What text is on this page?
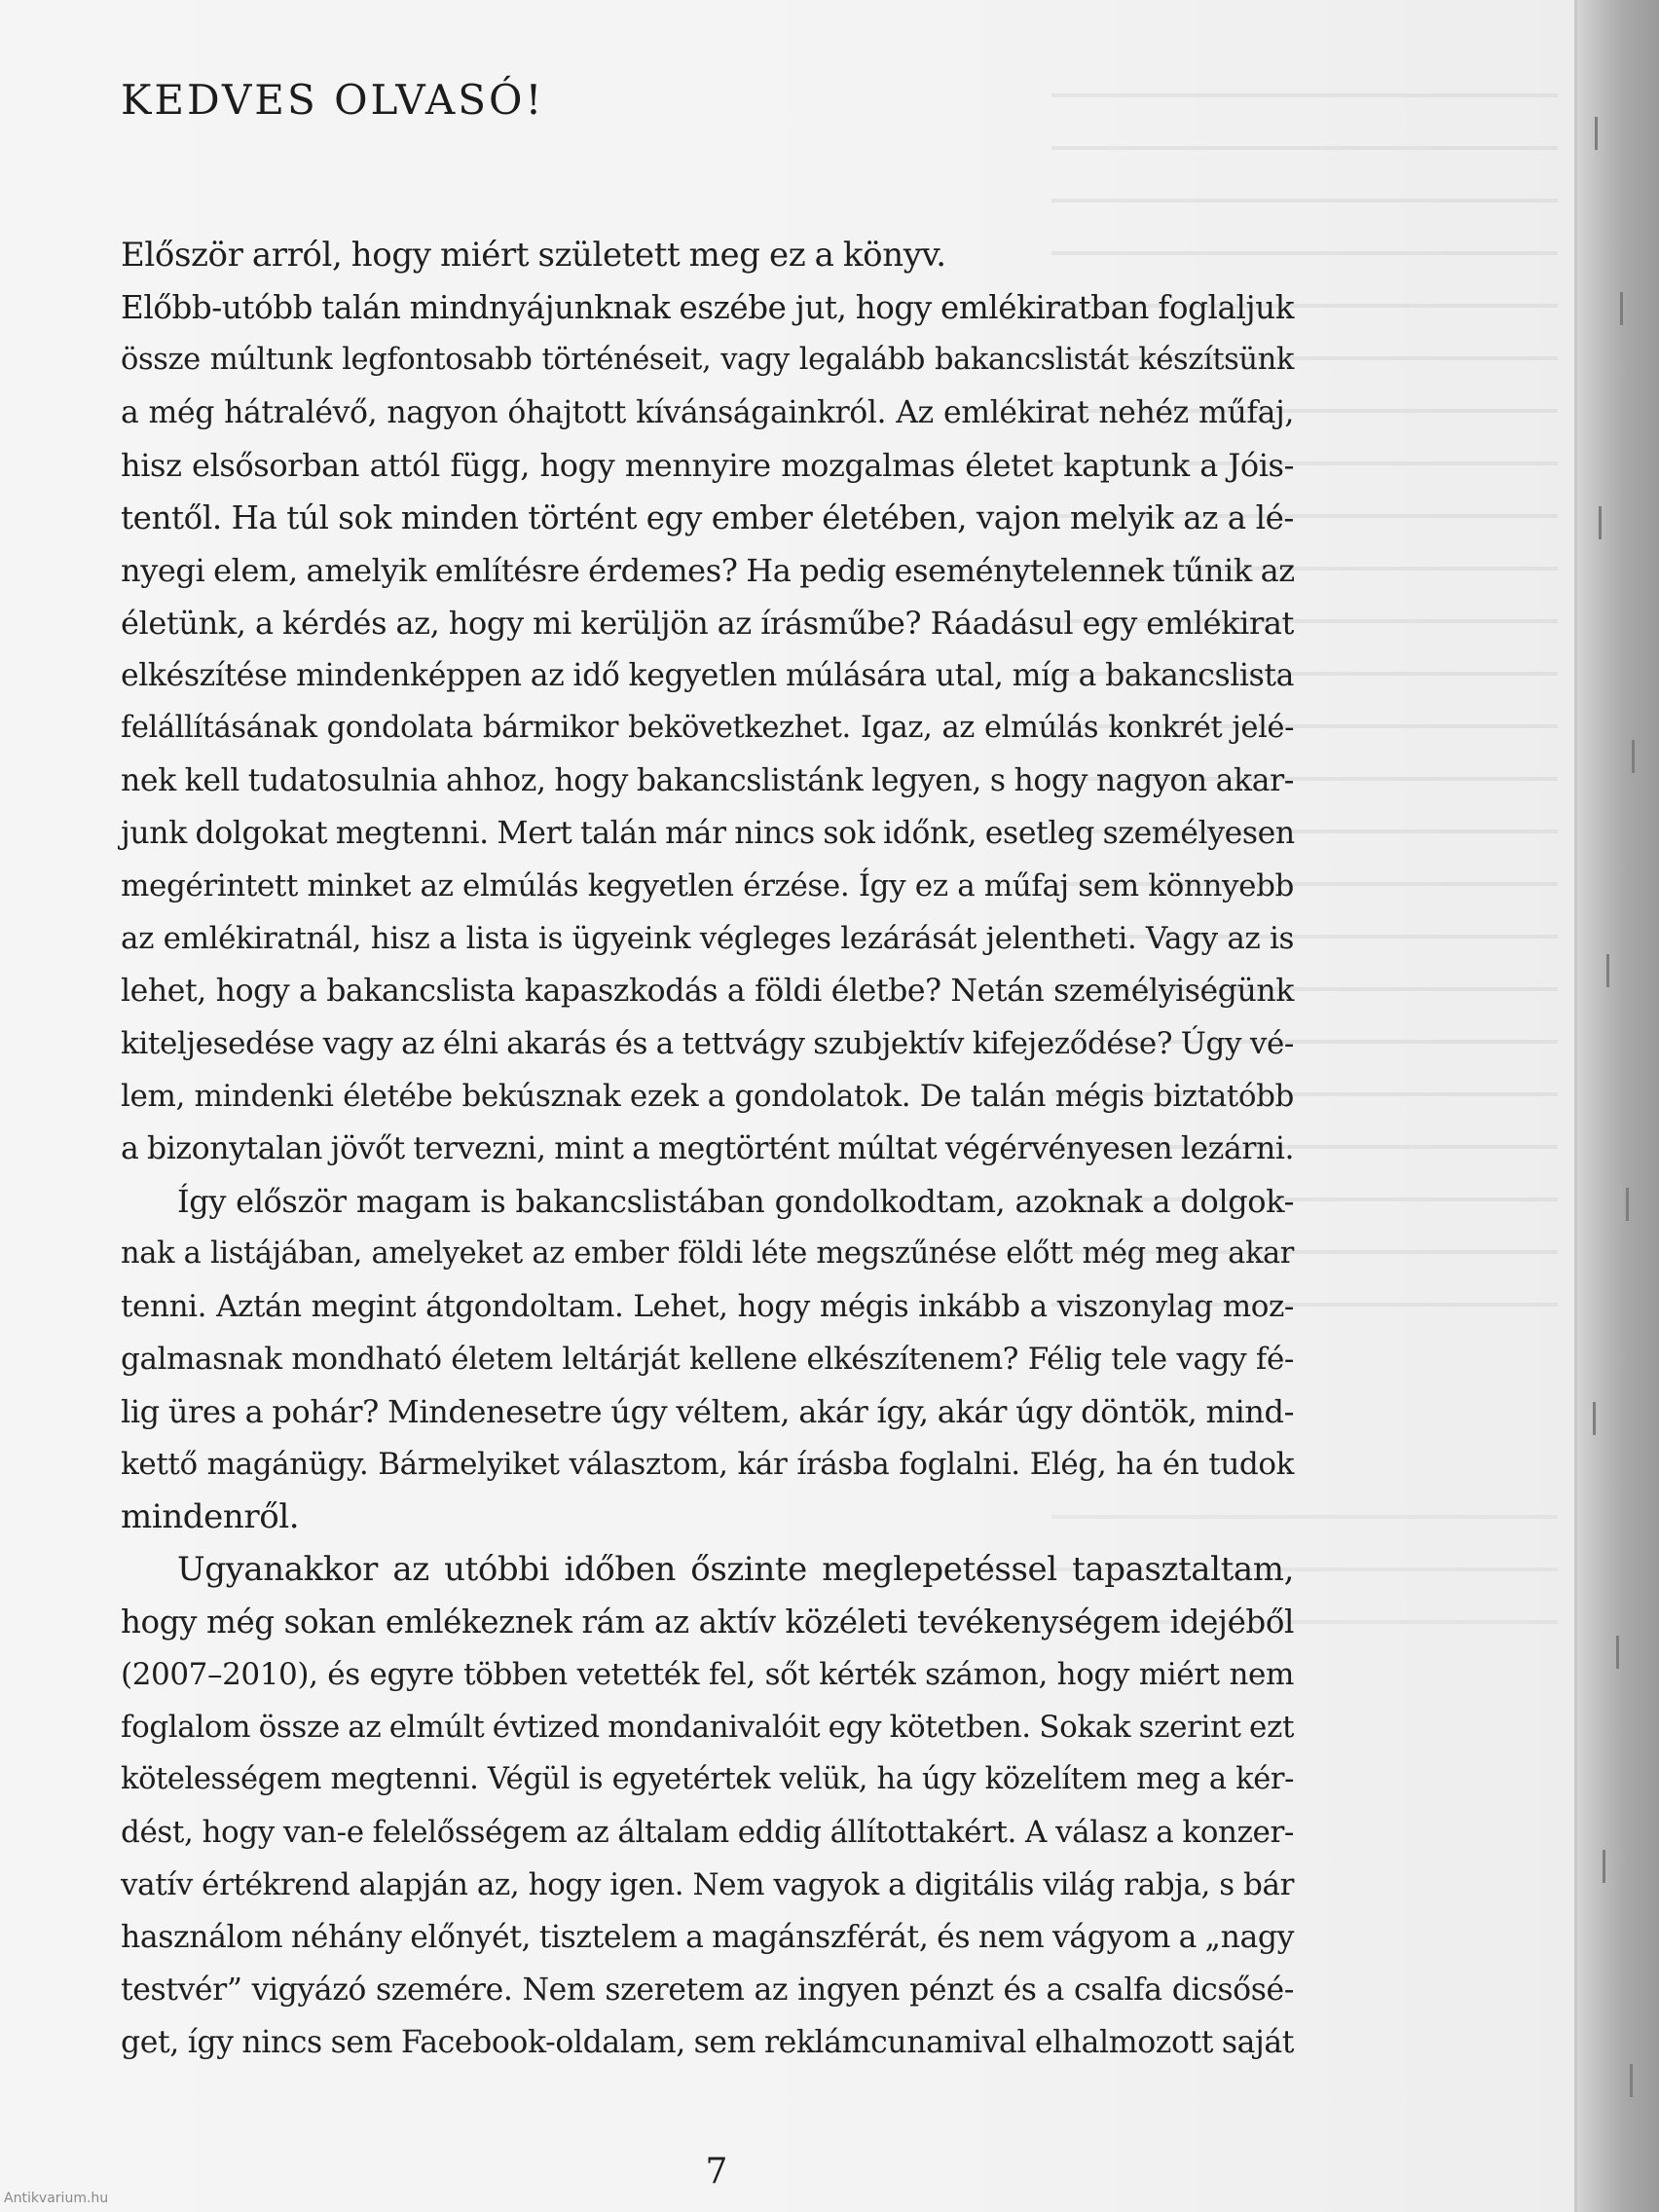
KEDVES OLVASÓ!
Először arról, hogy miért született meg ez a könyv.
Előbb-utóbb talán mindnyájunknak eszébe jut, hogy emlékiratban foglaljuk
össze múltunk legfontosabb történéseit, vagy legalább bakancslistát készítsünk
a még hátralévő, nagyon óhajtott kívánságainkról. Az emlékirat nehéz műfaj,
hisz elsősorban attól függ, hogy mennyire mozgalmas életet kaptunk a Jóis-
tentől. Ha túl sok minden történt egy ember életében, vajon melyik az a lé-
nyegi elem, amelyik említésre érdemes? Ha pedig eseménytelennek tűnik az
életünk, a kérdés az, hogy mi kerüljön az írásműbe? Ráadásul egy emlékirat
elkészítése mindenképpen az idő kegyetlen múlására utal, míg a bakancslista
felállításának gondolata bármikor bekövetkezhet. Igaz, az elmúlás konkrét jelé-
nek kell tudatosulnia ahhoz, hogy bakancslistánk legyen, s hogy nagyon akar-
junk dolgokat megtenni. Mert talán már nincs sok időnk, esetleg személyesen
megérintett minket az elmúlás kegyetlen érzése. Így ez a műfaj sem könnyebb
az emlékiratnál, hisz a lista is ügyeink végleges lezárását jelentheti. Vagy az is
lehet, hogy a bakancslista kapaszkodás a földi életbe? Netán személyiségünk
kiteljesedése vagy az élni akarás és a tettvágy szubjektív kifejeződése? Úgy vé-
lem, mindenki életébe bekúsznak ezek a gondolatok. De talán mégis biztatóbb
a bizonytalan jövőt tervezni, mint a megtörtént múltat végérvényesen lezárni.
Így először magam is bakancslistában gondolkodtam, azoknak a dolgok-
nak a listájában, amelyeket az ember földi léte megszűnése előtt még meg akar
tenni. Aztán megint átgondoltam. Lehet, hogy mégis inkább a viszonylag moz-
galmasnak mondható életem leltárját kellene elkészítenem? Félig tele vagy fé-
lig üres a pohár? Mindenesetre úgy véltem, akár így, akár úgy döntök, mind-
kettő magánügy. Bármelyiket választom, kár írásba foglalni. Elég, ha én tudok
mindenről.
Ugyanakkor az utóbbi időben őszinte meglepetéssel tapasztaltam,
hogy még sokan emlékeznek rám az aktív közéleti tevékenységem idejéből
(2007–2010), és egyre többen vetették fel, sőt kérték számon, hogy miért nem
foglalom össze az elmúlt évtized mondanivalóit egy kötetben. Sokak szerint ezt
kötelességem megtenni. Végül is egyetértek velük, ha úgy közelítem meg a kér-
dést, hogy van-e felelősségem az általam eddig állítottakért. A válasz a konzer-
vatív értékrend alapján az, hogy igen. Nem vagyok a digitális világ rabja, s bár
használom néhány előnyét, tisztelem a magánszférát, és nem vágyom a „nagy
testvér” vigyázó szemére. Nem szeretem az ingyen pénzt és a csalfa dicsősé-
get, így nincs sem Facebook-oldalam, sem reklámcunamival elhalmozott saját
7
Antikvarium.hu
